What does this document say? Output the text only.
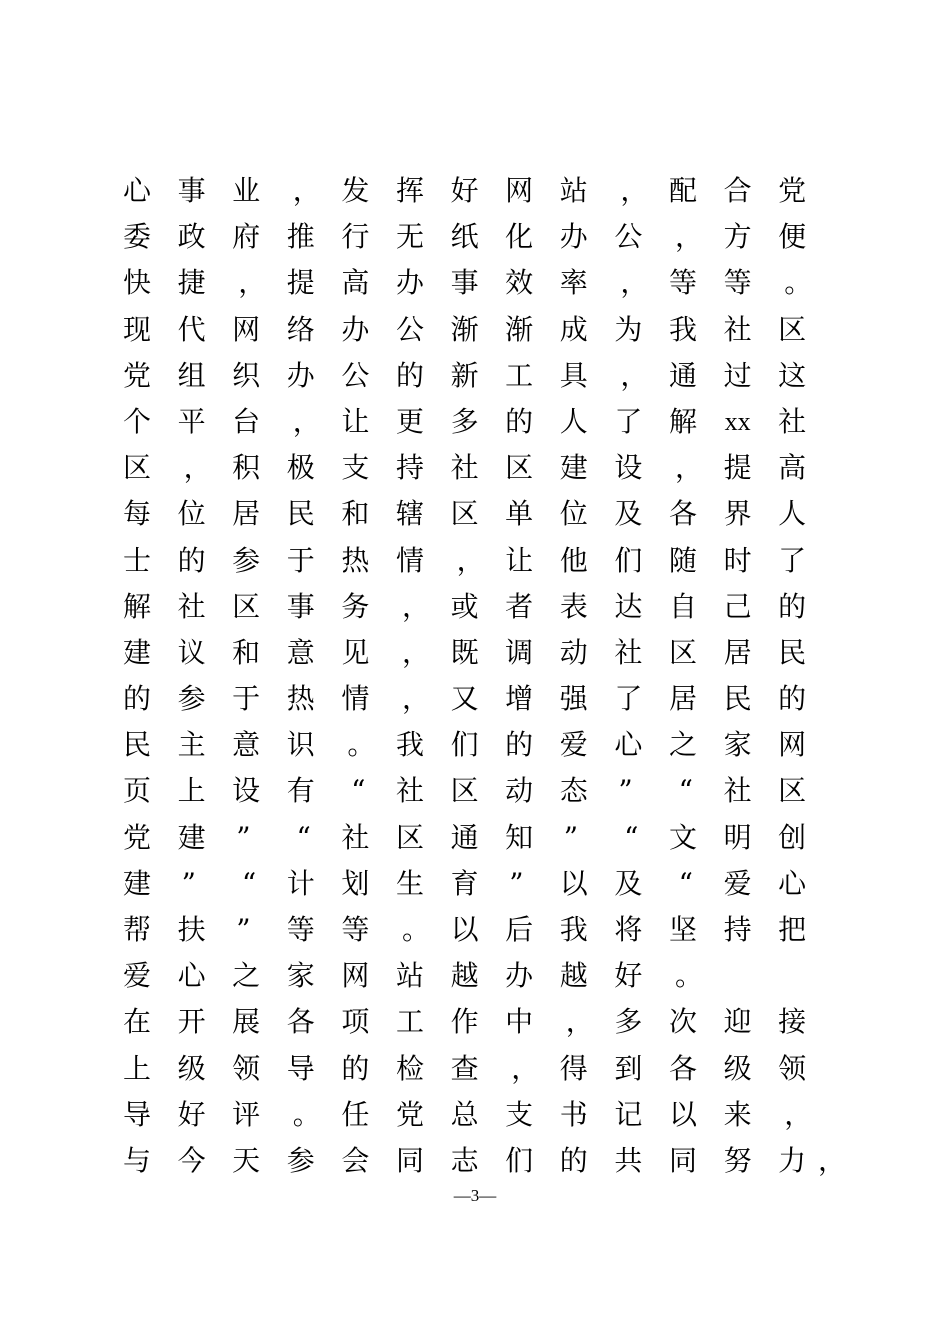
心 事 业 ， 发 挥 好 网 站 ， 配 合 党
委 政 府 推 行 无 纸 化 办 公 ， 方 便
快 捷 ， 提 高 办 事 效 率 ， 等 等 。
现 代 网 络 办 公 渐 渐 成 为 我 社 区
党 组 织 办 公 的 新 工 具 ， 通 过 这
个 平 台 ， 让 更 多 的 人 了 解 xx 社
区 ， 积 极 支 持 社 区 建 设 ， 提 高
每 位 居 民 和 辖 区 单 位 及 各 界 人
士 的 参 于 热 情 ， 让 他 们 随 时 了
解 社 区 事 务 ， 或 者 表 达 自 己 的
建 议 和 意 见 ， 既 调 动 社 区 居 民
的 参 于 热 情 ， 又 增 强 了 居 民 的
民 主 意 识 。 我 们 的 爱 心 之 家 网
页 上 设 有	“ 社 区 动 态 ”	“ 社 区
党 建 ”	“ 社 区 通 知 ”	“ 文 明 创
建 ”	“ 计 划 生 育 ”	以 及	“ 爱 心
帮 扶 ”	等 等 。 以 后 我 将 坚 持 把
爱 心 之 家 网 站 越 办 越 好 。
在 开 展 各 项 工 作 中 ， 多 次 迎 接
上 级 领 导 的 检 查 ， 得 到 各 级 领
导 好 评 。 任 党 总 支 书 记 以 来 ，
与 今 天 参 会 同 志 们 的 共 同 努 力 ，
—3—
